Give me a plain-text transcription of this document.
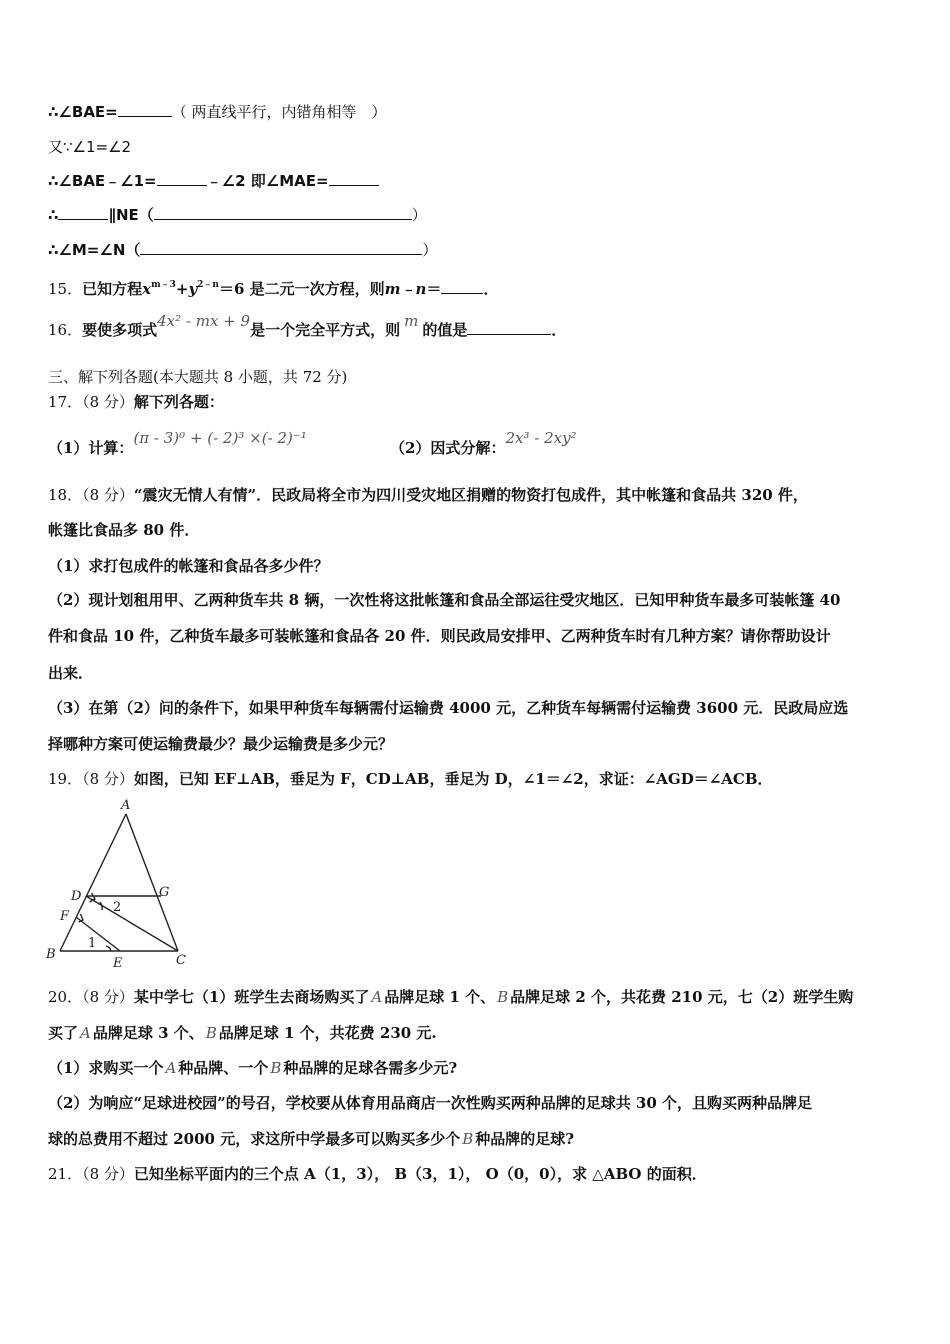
∴∠BAE=	（ 两直线平行，内错角相等　）
又∵∠1=∠2
∴∠BAE﹣∠1=	﹣∠2 即∠MAE=
∴	∥NE（	）
∴∠M=∠N（	）
15．已知方程$x^{m﹣3}+y^{2﹣n}=6$ 是二元一次方程，则m﹣n＝	．
16．要使多项式4x² - mx + 9是一个完全平方式，则 m 的值是	．
三、解下列各题(本大题共 8 小题，共 72 分)
17．（8 分）解下列各题：
（1）计算：(π - 3)⁰ + (- 2)³ ×(- 2)⁻¹
（2）因式分解：2x³ - 2xy²
18．（8 分）“震灾无情人有情”．民政局将全市为四川受灾地区捐赠的物资打包成件，其中帐篷和食品共 320 件，
帐篷比食品多 80 件．
（1）求打包成件的帐篷和食品各多少件？
（2）现计划租用甲、乙两种货车共 8 辆，一次性将这批帐篷和食品全部运往受灾地区．已知甲种货车最多可装帐篷 40
件和食品 10 件，乙种货车最多可装帐篷和食品各 20 件．则民政局安排甲、乙两种货车时有几种方案？请你帮助设计
出来．
（3）在第（2）问的条件下，如果甲种货车每辆需付运输费 4000 元，乙种货车每辆需付运输费 3600 元．民政局应选
择哪种方案可使运输费最少？最少运输费是多少元？
19．（8 分）如图，已知 EF⊥AB，垂足为 F，CD⊥AB，垂足为 D，∠1＝∠2，求证：∠AGD＝∠ACB．
A
B	C
D
E
F
G
2
1
20．（8 分）某中学七（1）班学生去商场购买了 A 品牌足球 1 个、 B 品牌足球 2 个，共花费 210 元，七（2）班学生购
买了 A 品牌足球 3 个、 B 品牌足球 1 个，共花费 230 元.
（1）求购买一个 A 种品牌、一个 B 种品牌的足球各需多少元?
（2）为响应“足球进校园”的号召，学校要从体育用品商店一次性购买两种品牌的足球共 30 个，且购买两种品牌足
球的总费用不超过 2000 元，求这所中学最多可以购买多少个 B 种品牌的足球?
21．（8 分）已知坐标平面内的三个点 A（1，3）， B（3，1）， O（0，0），求 △ABO 的面积．
